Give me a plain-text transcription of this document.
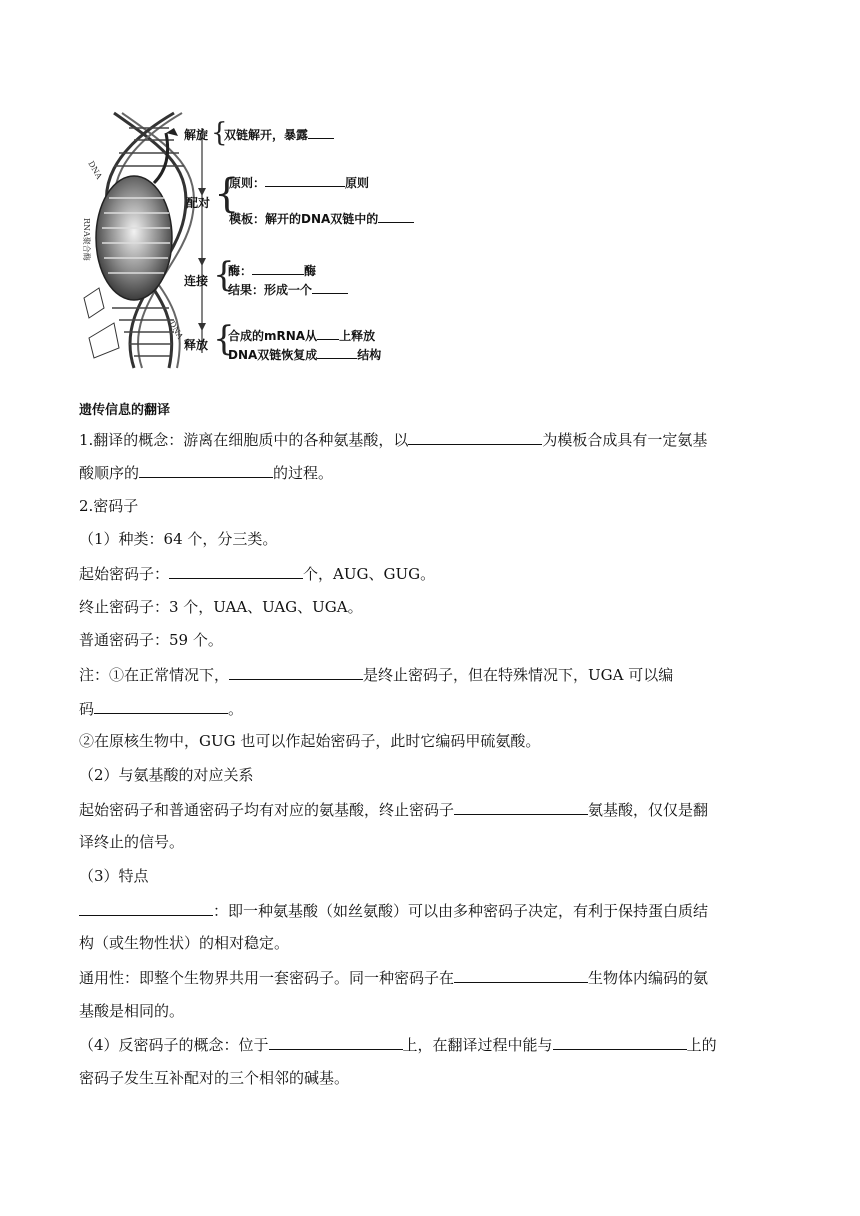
DNA
RNA聚合酶
DNA
解旋 {
双链解开，暴露
配对 {
原则：	原则
模板：解开的DNA双链中的
连接 {
酶：	酶
结果：形成一个
释放 {
合成的mRNA从 上释放
DNA双链恢复成	结构
遗传信息的翻译
1.翻译的概念：游离在细胞质中的各种氨基酸，以	为模板合成具有一定氨基
酸顺序的	的过程。
2.密码子
（1）种类：64 个，分三类。
起始密码子：	个，AUG、GUG。
终止密码子：3 个，UAA、UAG、UGA。
普通密码子：59 个。
注：①在正常情况下，	是终止密码子，但在特殊情况下，UGA 可以编
码	。
②在原核生物中，GUG 也可以作起始密码子，此时它编码甲硫氨酸。
（2）与氨基酸的对应关系
起始密码子和普通密码子均有对应的氨基酸，终止密码子	氨基酸，仅仅是翻
译终止的信号。
（3）特点
：即一种氨基酸（如丝氨酸）可以由多种密码子决定，有利于保持蛋白质结
构（或生物性状）的相对稳定。
通用性：即整个生物界共用一套密码子。同一种密码子在	生物体内编码的氨
基酸是相同的。
（4）反密码子的概念：位于	上，在翻译过程中能与	上的
密码子发生互补配对的三个相邻的碱基。
